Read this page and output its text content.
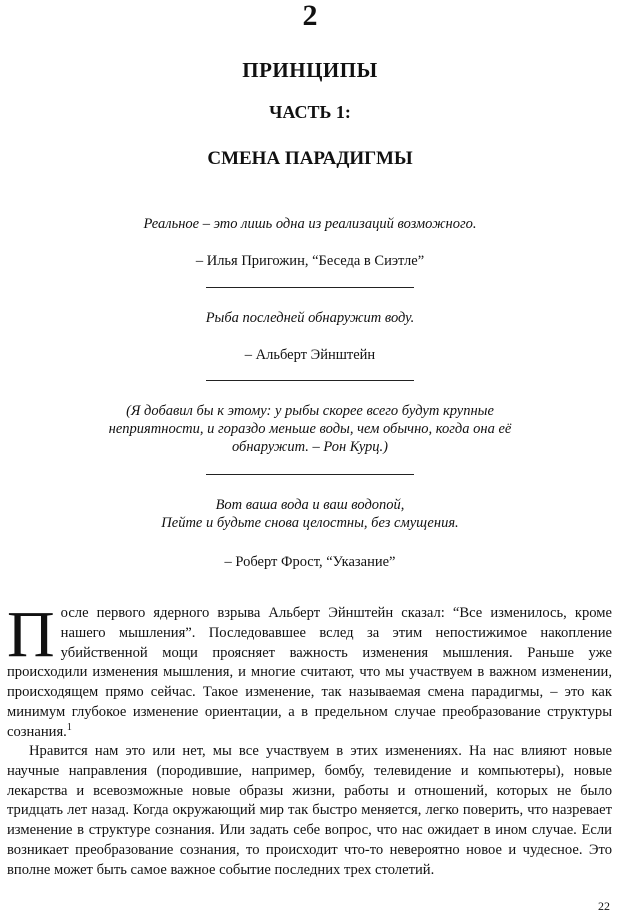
2
ПРИНЦИПЫ
ЧАСТЬ 1:
СМЕНА ПАРАДИГМЫ
Реальное – это лишь одна из реализаций возможного.
– Илья Пригожин, “Беседа в Сиэтле”
Рыба последней обнаружит воду.
– Альберт Эйнштейн
(Я добавил бы к этому: у рыбы скорее всего будут крупные
неприятности, и гораздо меньше воды, чем обычно, когда она её
обнаружит. – Рон Курц.)
Вот ваша вода и ваш водопой,
Пейте и будьте снова целостны, без смущения.
– Роберт Фрост, “Указание”
После первого ядерного взрыва Альберт Эйнштейн сказал: “Все изменилось, кроме нашего мышления”. Последовавшее вслед за этим непостижимое накопление убийственной мощи проясняет важность изменения мышления. Раньше уже происходили изменения мышления, и многие считают, что мы участвуем в важном изменении, происходящем прямо сейчас. Такое изменение, так называемая смена парадигмы, – это как минимум глубокое изменение ориентации, а в предельном случае преобразование структуры сознания.$^1$
Нравится нам это или нет, мы все участвуем в этих изменениях. На нас влияют новые научные направления (породившие, например, бомбу, телевидение и компьютеры), новые лекарства и всевозможные новые образы жизни, работы и отношений, которых не было тридцать лет назад. Когда окружающий мир так быстро меняется, легко поверить, что назревает изменение в структуре сознания. Или задать себе вопрос, что нас ожидает в ином случае. Если возникает преобразование сознания, то происходит что-то невероятно новое и чудесное. Это вполне может быть самое важное событие последних трех столетий.
22
